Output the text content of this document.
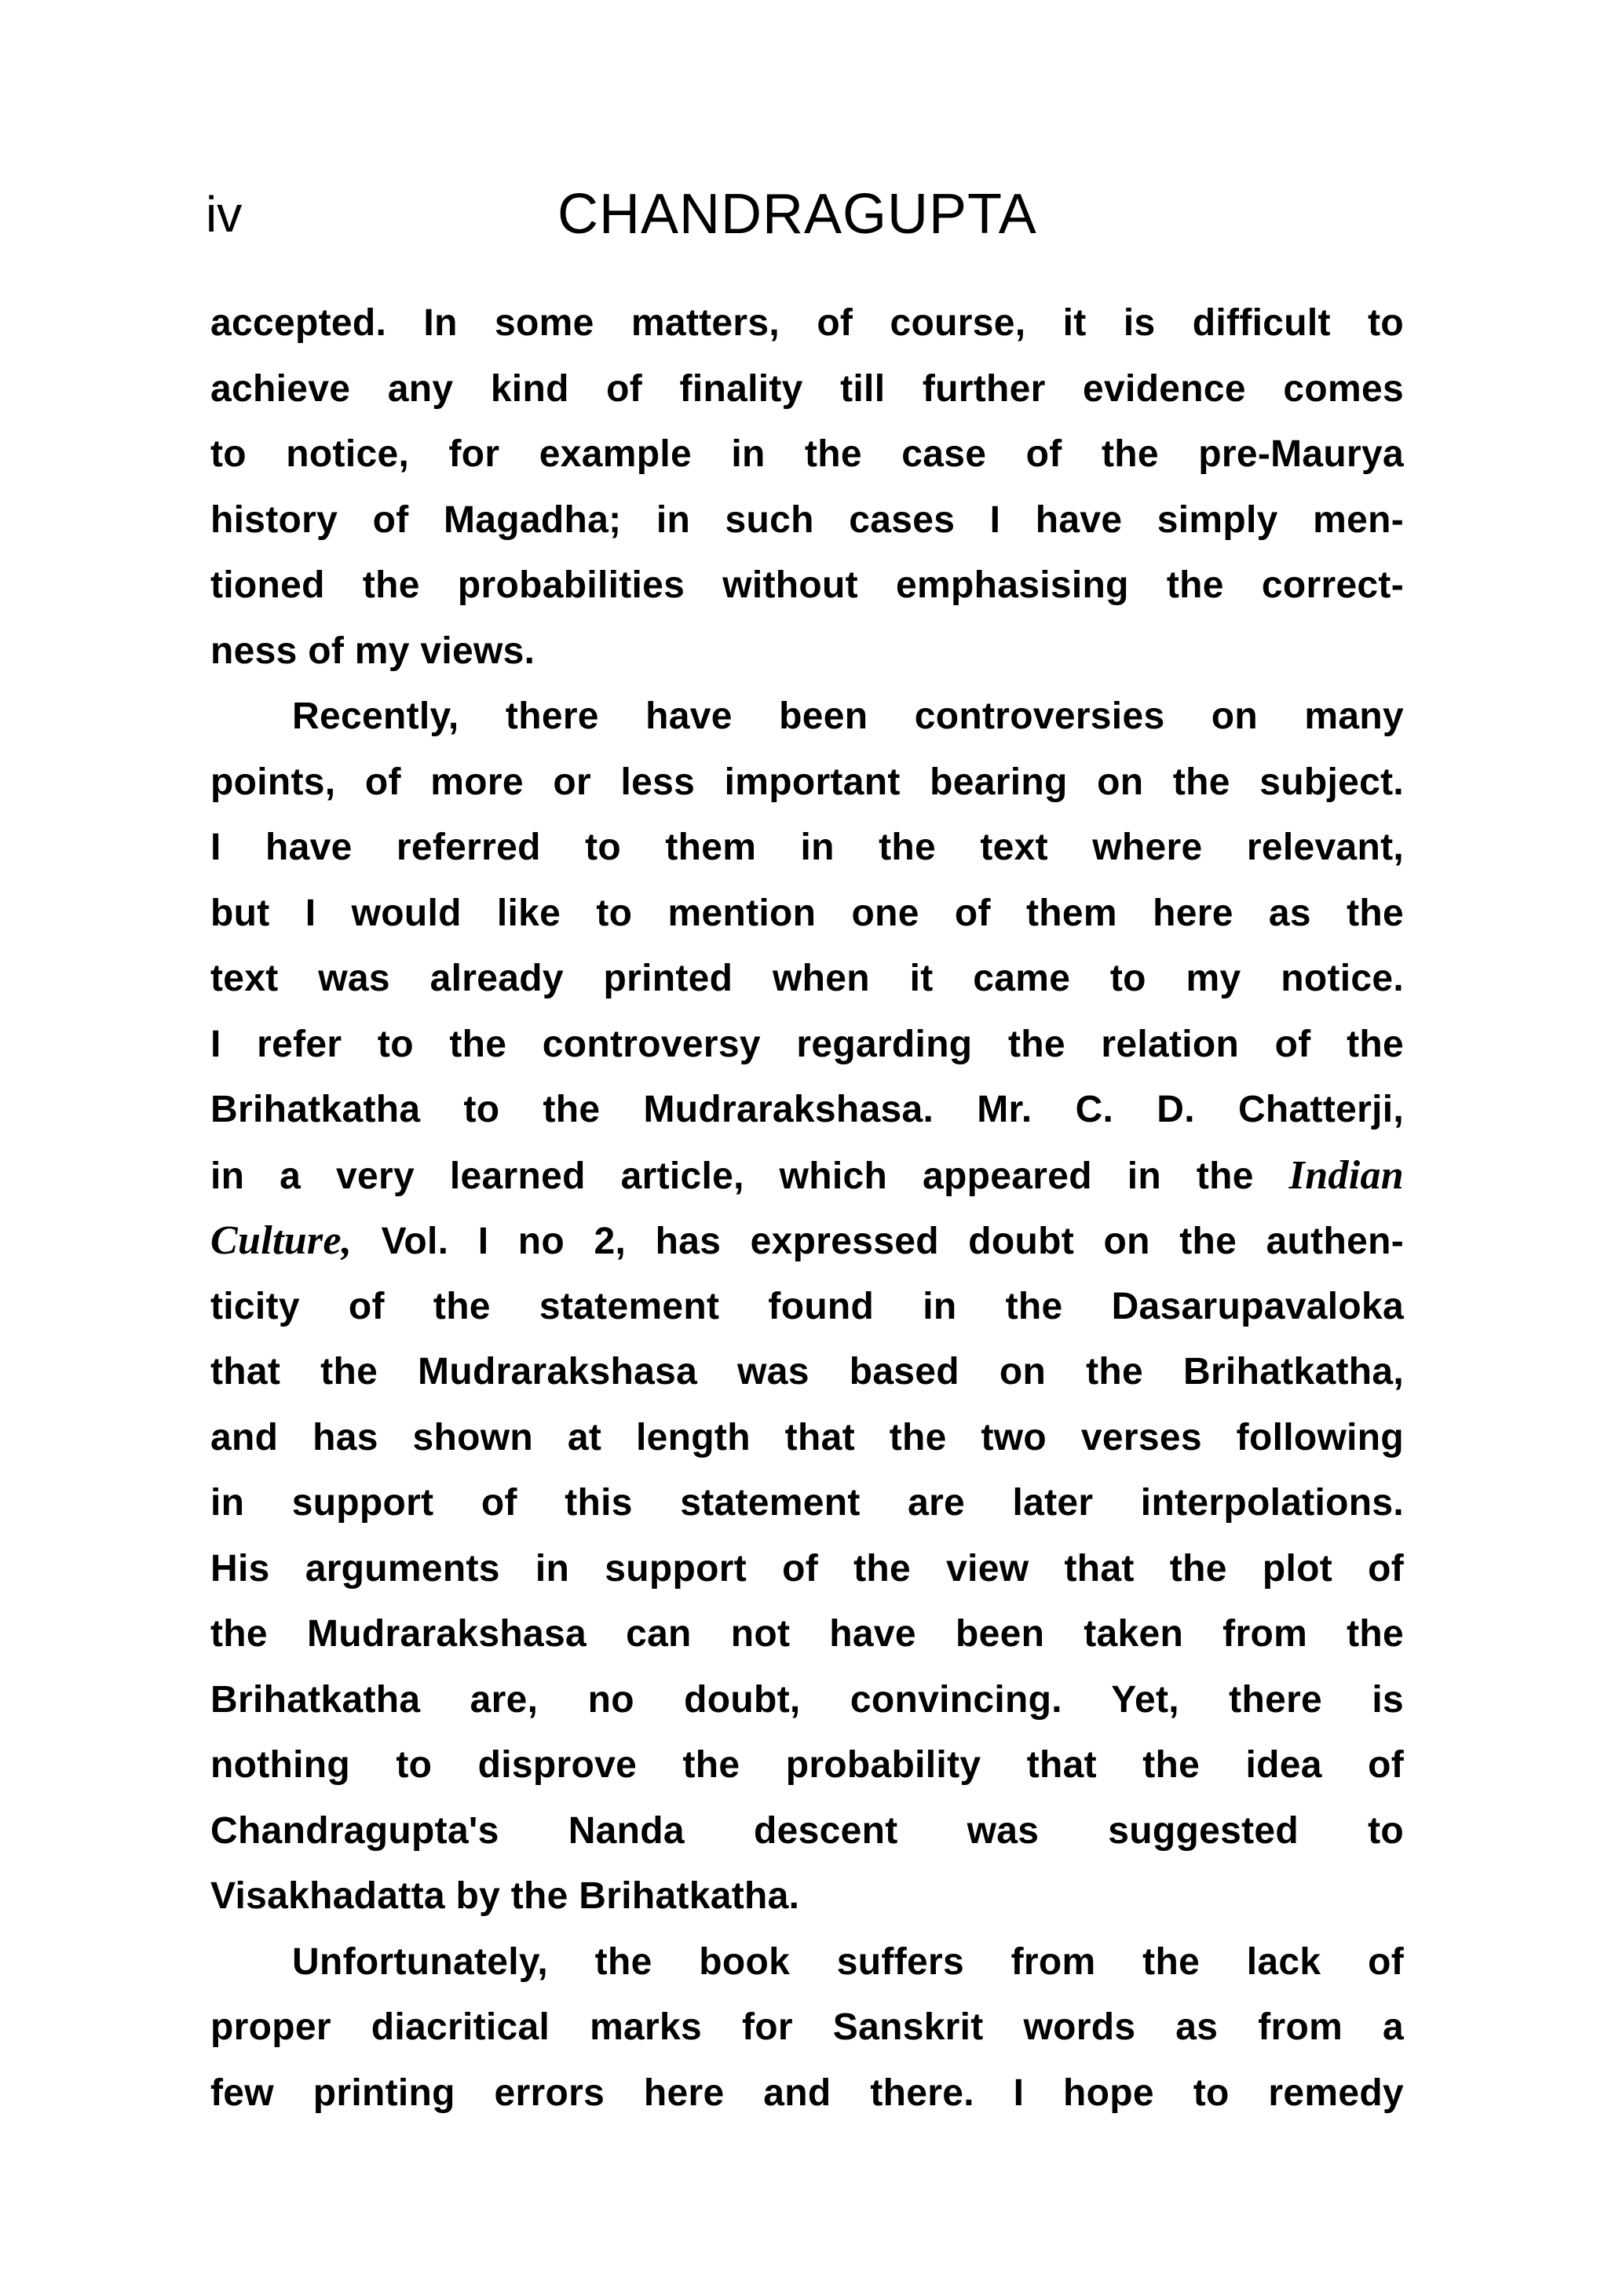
iv	CHANDRAGUPTA
accepted. In some matters, of course, it is difficult to
achieve any kind of finality till further evidence comes
to notice, for example in the case of the pre-Maurya
history of Magadha; in such cases I have simply men-
tioned the probabilities without emphasising the correct-
ness of my views.
Recently, there have been controversies on many
points, of more or less important bearing on the subject.
I have referred to them in the text where relevant,
but I would like to mention one of them here as the
text was already printed when it came to my notice.
I refer to the controversy regarding the relation of the
Brihatkatha to the Mudrarakshasa. Mr. C. D. Chatterji,
in a very learned article, which appeared in the Indian
Culture, Vol. I no 2, has expressed doubt on the authen-
ticity of the statement found in the Dasarupavaloka
that the Mudrarakshasa was based on the Brihatkatha,
and has shown at length that the two verses following
in support of this statement are later interpolations.
His arguments in support of the view that the plot of
the Mudrarakshasa can not have been taken from the
Brihatkatha are, no doubt, convincing. Yet, there is
nothing to disprove the probability that the idea of
Chandragupta's Nanda descent was suggested to
Visakhadatta by the Brihatkatha.
Unfortunately, the book suffers from the lack of
proper diacritical marks for Sanskrit words as from a
few printing errors here and there. I hope to remedy
